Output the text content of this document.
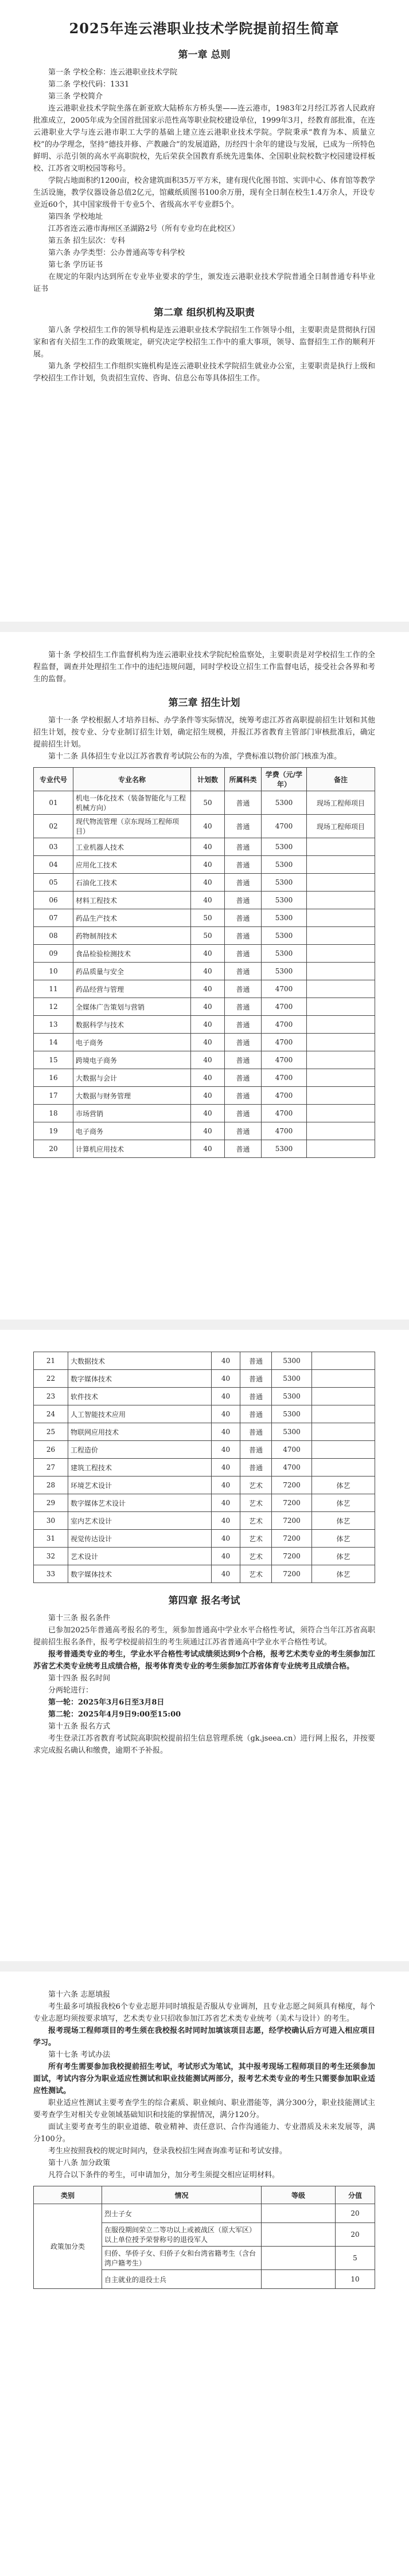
2025年连云港职业技术学院提前招生简章
第一章 总则

第一条 学校全称：连云港职业技术学院

第二条 学校代码：1331

第三条 学校简介

连云港职业技术学院坐落在新亚欧大陆桥东方桥头堡——连云港市，1983年2月经江苏省人民政府批准成立，2005年成为全国首批国家示范性高等职业院校建设单位，1999年3月，经教育部批准，在连云港职业大学与连云港市职工大学的基础上建立连云港职业技术学院。学院秉承“教育为本、质量立校”的办学理念，坚持“德技并修、产教融合”的发展道路，历经四十余年的建设与发展，已成为一所特色鲜明、示范引领的高水平高职院校，先后荣获全国教育系统先进集体、全国职业院校数字校园建设样板校、江苏省文明校园等称号。

学院占地面积约1200亩，校舍建筑面积35万平方米，建有现代化图书馆、实训中心、体育馆等教学生活设施，教学仪器设备总值2亿元，馆藏纸质图书100余万册，现有全日制在校生1.4万余人，开设专业近60个，其中国家级骨干专业5个、省级高水平专业群5个。

第四条 学校地址

江苏省连云港市海州区圣湖路2号（所有专业均在此校区）

第五条 招生层次：专科

第六条 办学类型：公办普通高等专科学校

第七条 学历证书

在规定的年限内达到所在专业毕业要求的学生，颁发连云港职业技术学院普通全日制普通专科毕业证书

第二章 组织机构及职责

第八条 学校招生工作的领导机构是连云港职业技术学院招生工作领导小组，主要职责是贯彻执行国家和省有关招生工作的政策规定，研究决定学校招生工作中的重大事项，领导、监督招生工作的顺利开展。

第九条 学校招生工作组织实施机构是连云港职业技术学院招生就业办公室，主要职责是执行上级和学校招生工作计划，负责招生宣传、咨询、信息公布等具体招生工作。

第十条 学校招生工作监督机构为连云港职业技术学院纪检监察处，主要职责是对学校招生工作的全程监督，调查并处理招生工作中的违纪违规问题，同时学校设立招生工作监督电话，接受社会各界和考生的监督。

第三章 招生计划

第十一条 学校根据人才培养目标、办学条件等实际情况，统筹考虑江苏省高职提前招生计划和其他招生计划，按专业、分专业制订招生计划，确定招生规模，并报江苏省教育主管部门审核批准后，确定提前招生计划。

第十二条 具体招生专业以江苏省教育考试院公布的为准，学费标准以物价部门核准为准。

专业代号	专业名称	计划数	所属科类	学费（元/学年）	备注
01	机电一体化技术（装备智能化与工程机械方向）	50	普通	5300	现场工程师项目
02	现代物流管理（京东现场工程师项目）	40	普通	4700	现场工程师项目
03	工业机器人技术	40	普通	5300	
04	应用化工技术	40	普通	5300	
05	石油化工技术	40	普通	5300	
06	材料工程技术	40	普通	5300	
07	药品生产技术	50	普通	5300	
08	药物制剂技术	50	普通	5300	
09	食品检验检测技术	40	普通	5300	
10	药品质量与安全	40	普通	5300	
11	药品经营与管理	40	普通	4700	
12	全媒体广告策划与营销	40	普通	4700	
13	数据科学与技术	40	普通	4700	
14	电子商务	40	普通	4700	
15	跨境电子商务	40	普通	4700	
16	大数据与会计	40	普通	4700	
17	大数据与财务管理	40	普通	4700	
18	市场营销	40	普通	4700	
19	电子商务	40	普通	4700	
20	计算机应用技术	40	普通	5300	
21	大数据技术	40	普通	5300	
22	数字媒体技术	40	普通	5300	
23	软件技术	40	普通	5300	
24	人工智能技术应用	40	普通	5300	
25	物联网应用技术	40	普通	5300	
26	工程造价	40	普通	4700	
27	建筑工程技术	40	普通	4700	
28	环境艺术设计	40	艺术	7200	体艺
29	数字媒体艺术设计	40	艺术	7200	体艺
30	室内艺术设计	40	艺术	7200	体艺
31	视觉传达设计	40	艺术	7200	体艺
32	艺术设计	40	艺术	7200	体艺
33	数字媒体技术	40	艺术	7200	体艺
第四章 报名考试

第十三条 报名条件

已参加2025年普通高考报名的考生，须参加普通高中学业水平合格性考试，须符合当年江苏省高职提前招生报名条件，报考学校提前招生的考生须通过江苏省普通高中学业水平合格性考试。

报考普通类专业的考生，学业水平合格性考试成绩须达到9个合格，报考艺术类专业的考生须参加江苏省艺术类专业统考且成绩合格，报考体育类专业的考生须参加江苏省体育专业统考且成绩合格。

第十四条 报名时间

分两轮进行：

第一轮：2025年3月6日至3月8日

第二轮：2025年4月9日9:00至15:00

第十五条 报名方式

考生登录江苏省教育考试院高职院校提前招生信息管理系统（gk.jseea.cn）进行网上报名，并按要求完成报名确认和缴费，逾期不予补报。

第十六条 志愿填报

考生最多可填报我校6个专业志愿并同时填报是否服从专业调剂，且专业志愿之间须具有梯度，每个专业志愿均须按要求填写，艺术类专业只招收参加江苏省艺术类专业统考（美术与设计）的考生。

报考现场工程师项目的考生须在我校报名时同时加填该项目志愿，经学校确认后方可进入相应项目学习。

第十七条 考试办法

所有考生需要参加我校提前招生考试，考试形式为笔试，其中报考现场工程师项目的考生还须参加面试，考试内容分为职业适应性测试和职业技能测试两部分，报考艺术类专业的考生只需要参加职业适应性测试。

职业适应性测试主要考查学生的综合素质、职业倾向、职业潜能等，满分300分，职业技能测试主要考查学生对相关专业领域基础知识和技能的掌握情况，满分120分。

面试主要考查考生的职业道德、敬业精神、责任意识、合作沟通能力、专业潜质及未来发展等，满分100分。

考生应按照我校的规定时间内，登录我校招生网查询准考证和考试安排。

第十八条 加分政策

凡符合以下条件的考生，可申请加分，加分考生须提交相应证明材料。

类别	情况	等级	分值
政策加分类	烈士子女		20
	在服役期间荣立二等功以上或被战区（原大军区）以上单位授予荣誉称号的退役军人		20
	归侨、华侨子女、归侨子女和台湾省籍考生（含台湾户籍考生）		5
	自主就业的退役士兵		10
